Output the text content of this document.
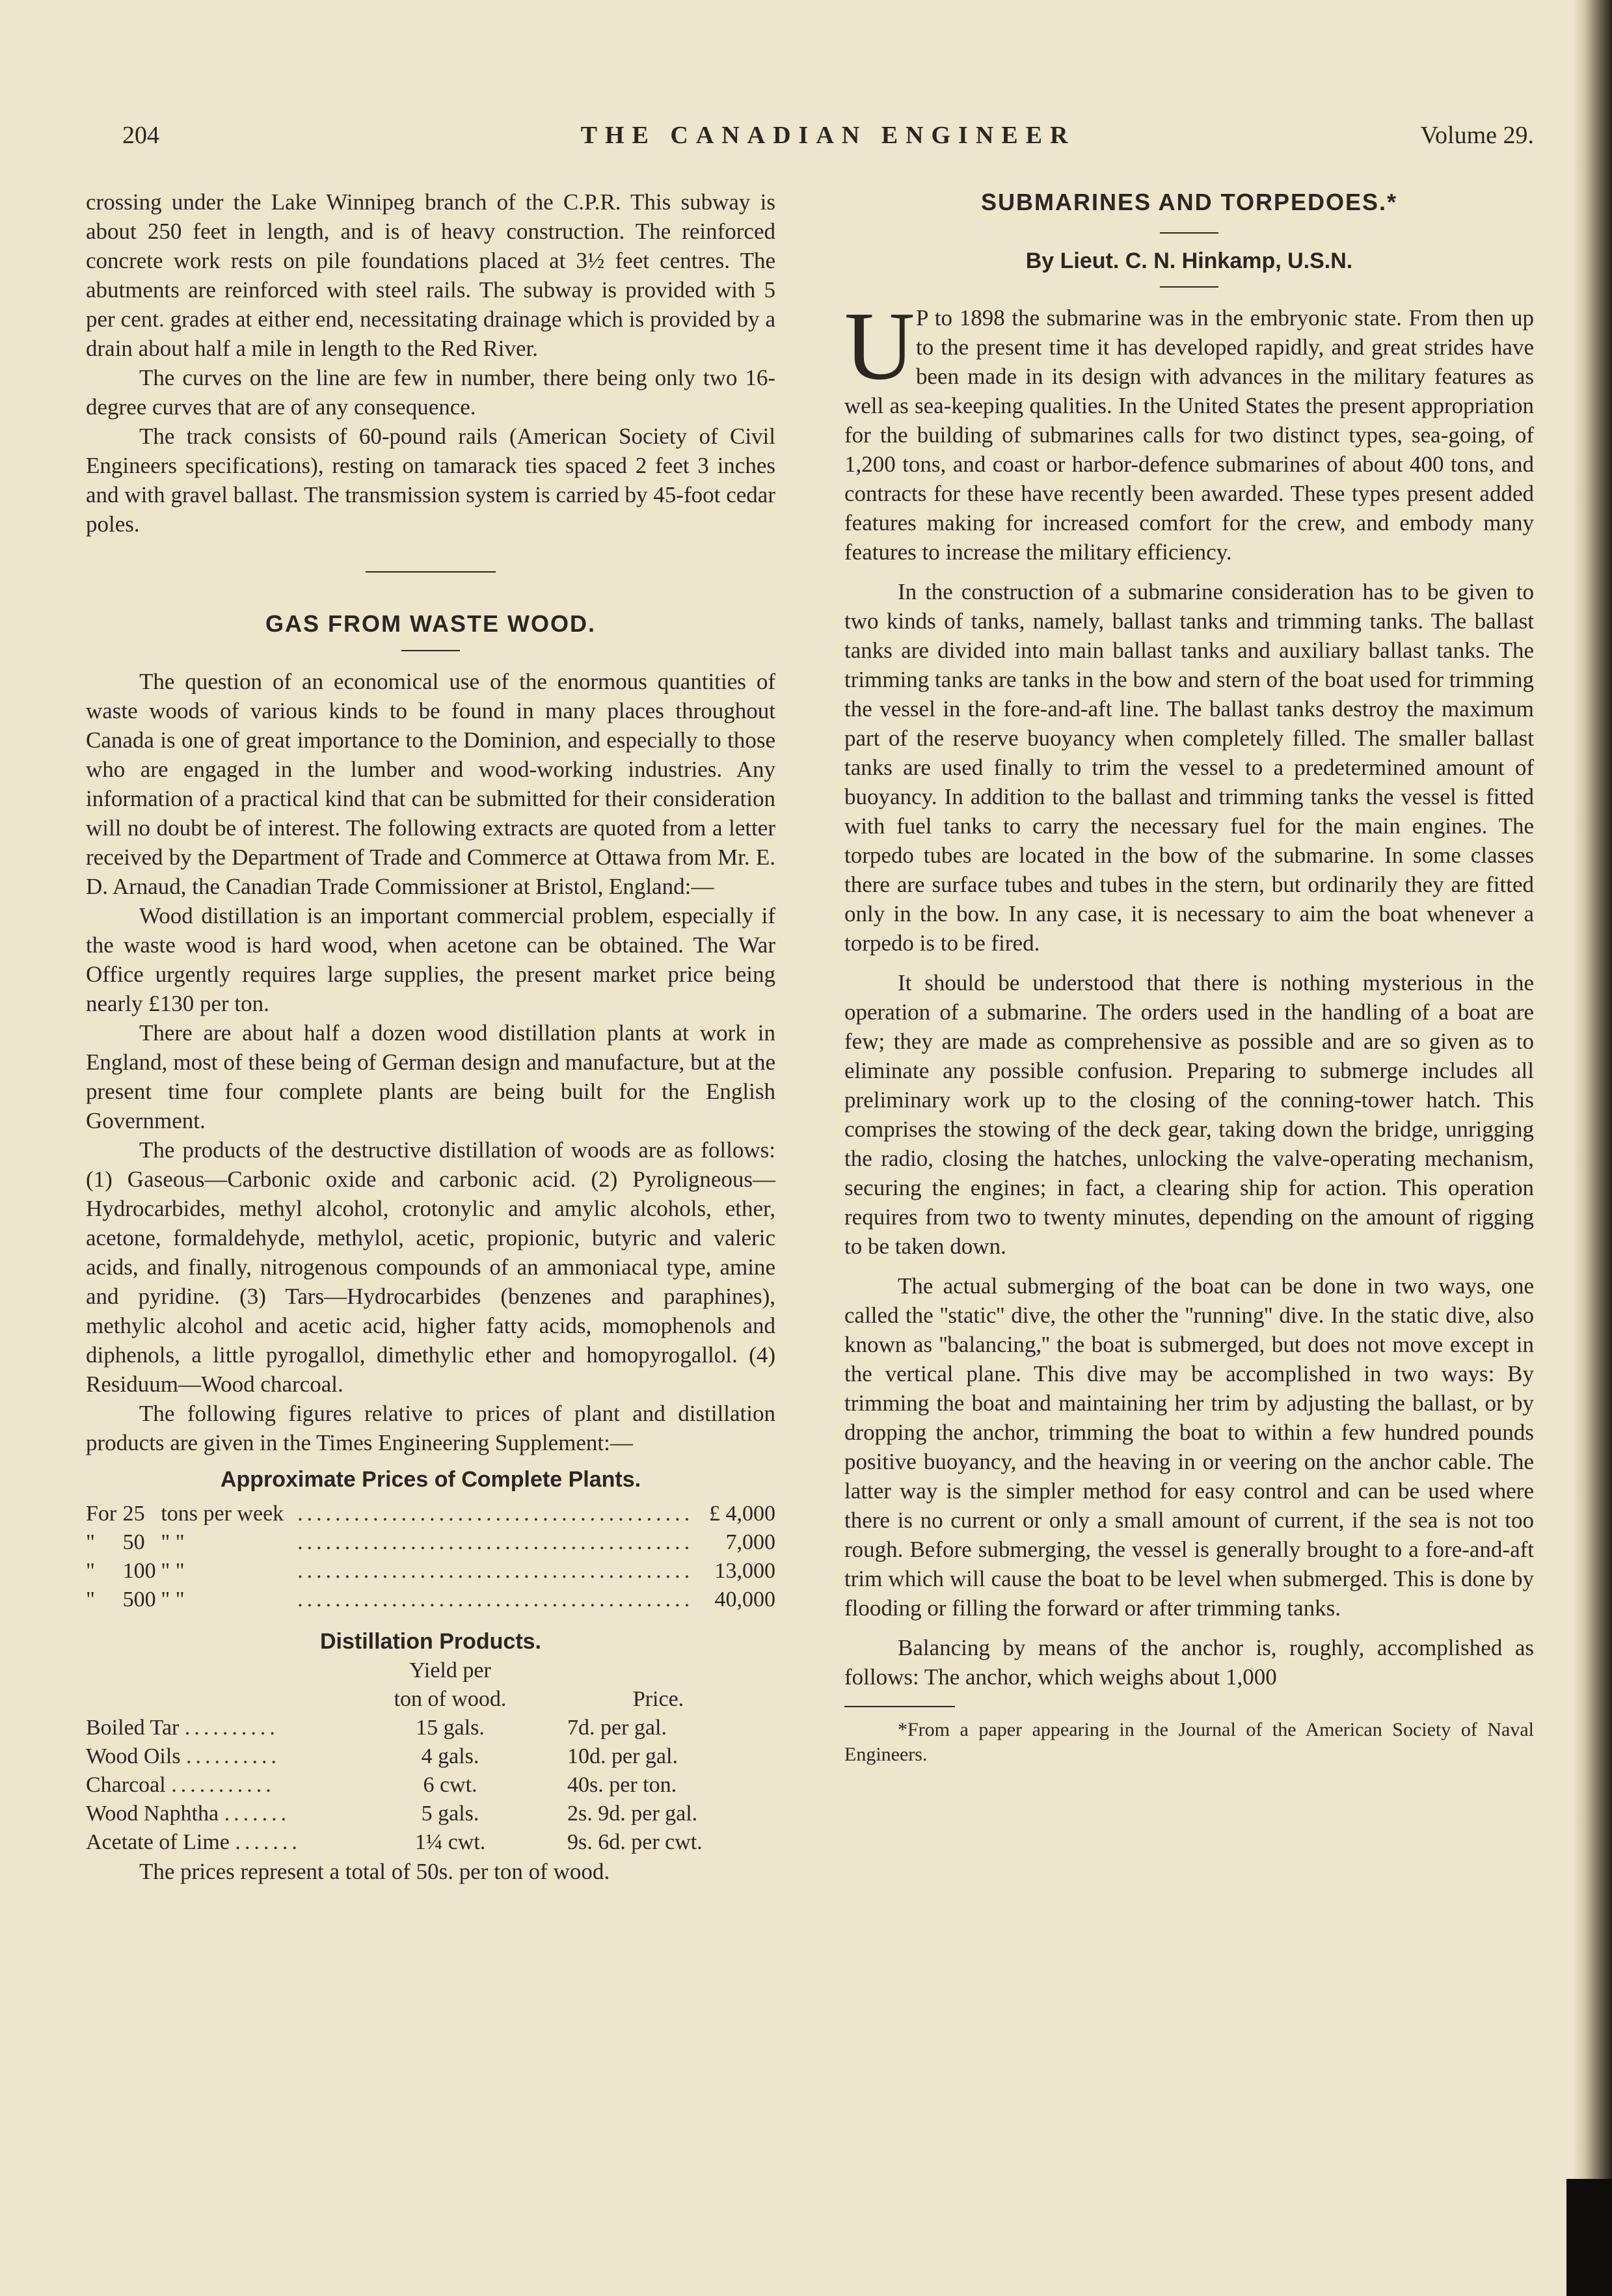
204	THE CANADIAN ENGINEER	Volume 29.

crossing under the Lake Winnipeg branch of the C.P.R. This subway is about 250 feet in length, and is of heavy construction. The reinforced concrete work rests on pile foundations placed at 3½ feet centres. The abutments are reinforced with steel rails. The subway is provided with 5 per cent. grades at either end, necessitating drainage which is provided by a drain about half a mile in length to the Red River.

The curves on the line are few in number, there being only two 16-degree curves that are of any consequence.

The track consists of 60-pound rails (American Society of Civil Engineers specifications), resting on tamarack ties spaced 2 feet 3 inches and with gravel ballast. The transmission system is carried by 45-foot cedar poles.

GAS FROM WASTE WOOD.

The question of an economical use of the enormous quantities of waste woods of various kinds to be found in many places throughout Canada is one of great importance to the Dominion, and especially to those who are engaged in the lumber and wood-working industries. Any information of a practical kind that can be submitted for their consideration will no doubt be of interest. The following extracts are quoted from a letter received by the Department of Trade and Commerce at Ottawa from Mr. E. D. Arnaud, the Canadian Trade Commissioner at Bristol, England:—

Wood distillation is an important commercial problem, especially if the waste wood is hard wood, when acetone can be obtained. The War Office urgently requires large supplies, the present market price being nearly £130 per ton.

There are about half a dozen wood distillation plants at work in England, most of these being of German design and manufacture, but at the present time four complete plants are being built for the English Government.

The products of the destructive distillation of woods are as follows: (1) Gaseous—Carbonic oxide and carbonic acid. (2) Pyroligneous—Hydrocarbides, methyl alcohol, crotonylic and amylic alcohols, ether, acetone, formaldehyde, methylol, acetic, propionic, butyric and valeric acids, and finally, nitrogenous compounds of an ammoniacal type, amine and pyridine. (3) Tars—Hydrocarbides (benzenes and paraphines), methylic alcohol and acetic acid, higher fatty acids, momophenols and diphenols, a little pyrogallol, dimethylic ether and homopyrogallol. (4) Residuum—Wood charcoal.

The following figures relative to prices of plant and distillation products are given in the Times Engineering Supplement:—

Approximate Prices of Complete Plants.
For	25	tons per week	..........................................	£ 4,000
"	50	" "	..........................................	7,000
"	100	" "	..........................................	13,000
"	500	" "	..........................................	40,000
Distillation Products.
	Yield per	
	ton of wood.	Price.
Boiled Tar ..........	15 gals.	7d. per gal.
Wood Oils ..........	4 gals.	10d. per gal.
Charcoal ...........	6 cwt.	40s. per ton.
Wood Naphtha .......	5 gals.	2s. 9d. per gal.
Acetate of Lime .......	1¼ cwt.	9s. 6d. per cwt.

The prices represent a total of 50s. per ton of wood.

SUBMARINES AND TORPEDOES.*
By Lieut. C. N. Hinkamp, U.S.N.
U P to 1898 the submarine was in the embryonic state. From then up to the present time it has developed rapidly, and great strides have been made in its design with advances in the military features as well as sea-keeping qualities. In the United States the present appropriation for the building of submarines calls for two distinct types, sea-going, of 1,200 tons, and coast or harbor-defence submarines of about 400 tons, and contracts for these have recently been awarded. These types present added features making for increased comfort for the crew, and embody many features to increase the military efficiency.

In the construction of a submarine consideration has to be given to two kinds of tanks, namely, ballast tanks and trimming tanks. The ballast tanks are divided into main ballast tanks and auxiliary ballast tanks. The trimming tanks are tanks in the bow and stern of the boat used for trimming the vessel in the fore-and-aft line. The ballast tanks destroy the maximum part of the reserve buoyancy when completely filled. The smaller ballast tanks are used finally to trim the vessel to a predetermined amount of buoyancy. In addition to the ballast and trimming tanks the vessel is fitted with fuel tanks to carry the necessary fuel for the main engines. The torpedo tubes are located in the bow of the submarine. In some classes there are surface tubes and tubes in the stern, but ordinarily they are fitted only in the bow. In any case, it is necessary to aim the boat whenever a torpedo is to be fired.

It should be understood that there is nothing mysterious in the operation of a submarine. The orders used in the handling of a boat are few; they are made as comprehensive as possible and are so given as to eliminate any possible confusion. Preparing to submerge includes all preliminary work up to the closing of the conning-tower hatch. This comprises the stowing of the deck gear, taking down the bridge, unrigging the radio, closing the hatches, unlocking the valve-operating mechanism, securing the engines; in fact, a clearing ship for action. This operation requires from two to twenty minutes, depending on the amount of rigging to be taken down.

The actual submerging of the boat can be done in two ways, one called the ''static'' dive, the other the ''running'' dive. In the static dive, also known as ''balancing,'' the boat is submerged, but does not move except in the vertical plane. This dive may be accomplished in two ways: By trimming the boat and maintaining her trim by adjusting the ballast, or by dropping the anchor, trimming the boat to within a few hundred pounds positive buoyancy, and the heaving in or veering on the anchor cable. The latter way is the simpler method for easy control and can be used where there is no current or only a small amount of current, if the sea is not too rough. Before submerging, the vessel is generally brought to a fore-and-aft trim which will cause the boat to be level when submerged. This is done by flooding or filling the forward or after trimming tanks.

Balancing by means of the anchor is, roughly, accomplished as follows: The anchor, which weighs about 1,000

*From a paper appearing in the Journal of the American Society of Naval Engineers.
